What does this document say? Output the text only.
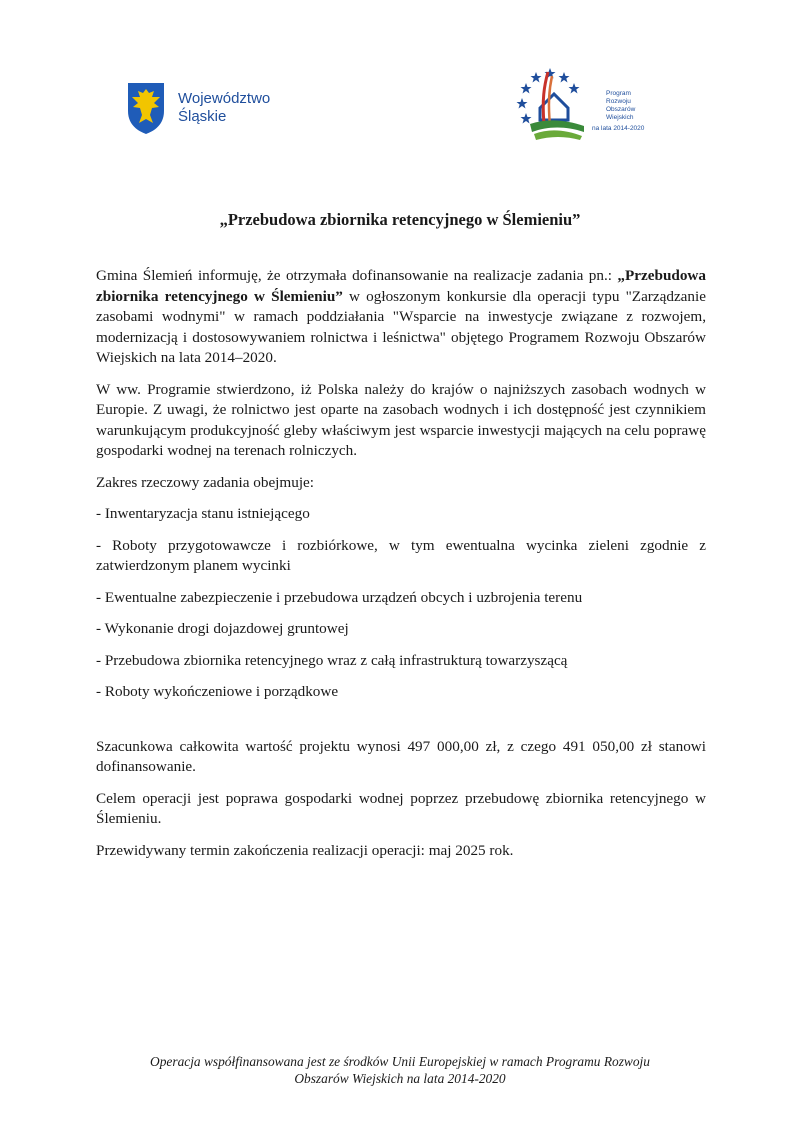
Województwo
Śląskie
Program
Rozwoju
Obszarów
Wiejskich
na lata 2014-2020
„Przebudowa zbiornika retencyjnego w Ślemieniu”

Gmina Ślemień informuję, że otrzymała dofinansowanie na realizacje zadania pn.: „Przebudowa zbiornika retencyjnego w Ślemieniu” w ogłoszonym konkursie dla operacji typu "Zarządzanie zasobami wodnymi" w ramach poddziałania "Wsparcie na inwestycje związane z rozwojem, modernizacją i dostosowywaniem rolnictwa i leśnictwa" objętego Programem Rozwoju Obszarów Wiejskich na lata 2014–2020.

W ww. Programie stwierdzono, iż Polska należy do krajów o najniższych zasobach wodnych w Europie. Z uwagi, że rolnictwo jest oparte na zasobach wodnych i ich dostępność jest czynnikiem warunkującym produkcyjność gleby właściwym jest wsparcie inwestycji mających na celu poprawę gospodarki wodnej na terenach rolniczych.

Zakres rzeczowy zadania obejmuje:

- Inwentaryzacja stanu istniejącego

- Roboty przygotowawcze i rozbiórkowe, w tym ewentualna wycinka zieleni zgodnie z zatwierdzonym planem wycinki

- Ewentualne zabezpieczenie i przebudowa urządzeń obcych i uzbrojenia terenu

- Wykonanie drogi dojazdowej gruntowej

- Przebudowa zbiornika retencyjnego wraz z całą infrastrukturą towarzyszącą

- Roboty wykończeniowe i porządkowe

Szacunkowa całkowita wartość projektu wynosi 497 000,00 zł, z czego 491 050,00 zł stanowi dofinansowanie.

Celem operacji jest poprawa gospodarki wodnej poprzez przebudowę zbiornika retencyjnego w Ślemieniu.

Przewidywany termin zakończenia realizacji operacji: maj 2025 rok.

Operacja współfinansowana jest ze środków Unii Europejskiej w ramach Programu Rozwoju
Obszarów Wiejskich na lata 2014-2020
